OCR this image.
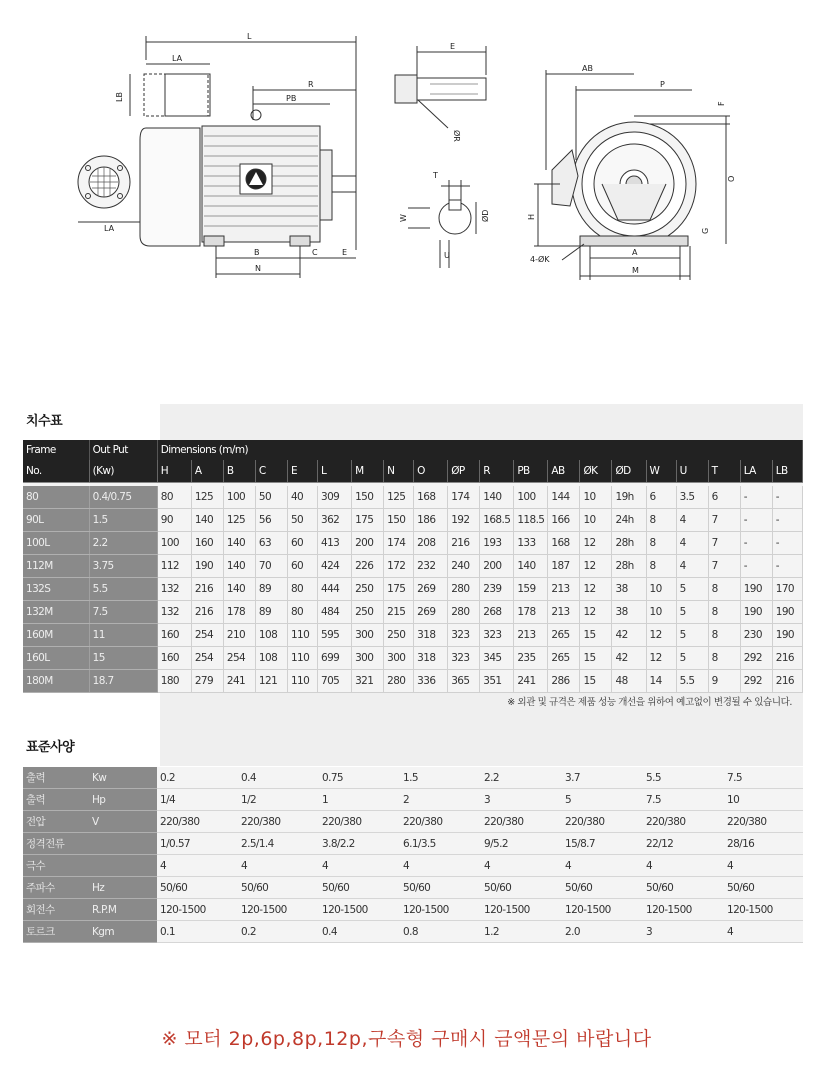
L
LA
LB
R
PB
B	C	E
N
LA
E
ØR
T
W	ØD
U
AB
P
F
O
H
G
A
M
4-ØK
치수표
Frame	Out Put	Dimensions (m/m)																			
No.	(Kw)	H	A	B	C	E	L	M	N	O	ØP	R	PB	AB	ØK	ØD	W	U	T	LA	LB

80	0.4/0.75	80	125	100	50	40	309	150	125	168	174	140	100	144	10	19h	6	3.5	6	-	-
90L	1.5	90	140	125	56	50	362	175	150	186	192	168.5	118.5	166	10	24h	8	4	7	-	-
100L	2.2	100	160	140	63	60	413	200	174	208	216	193	133	168	12	28h	8	4	7	-	-
112M	3.75	112	190	140	70	60	424	226	172	232	240	200	140	187	12	28h	8	4	7	-	-
132S	5.5	132	216	140	89	80	444	250	175	269	280	239	159	213	12	38	10	5	8	190	170
132M	7.5	132	216	178	89	80	484	250	215	269	280	268	178	213	12	38	10	5	8	190	190
160M	11	160	254	210	108	110	595	300	250	318	323	323	213	265	15	42	12	5	8	230	190
160L	15	160	254	254	108	110	699	300	300	318	323	345	235	265	15	42	12	5	8	292	216
180M	18.7	180	279	241	121	110	705	321	280	336	365	351	241	286	15	48	14	5.5	9	292	216
※ 외관 및 규격은 제품 성능 개선을 위하여 예고없이 변경될 수 있습니다.
표준사양
출력	Kw	0.2	0.4	0.75	1.5	2.2	3.7	5.5	7.5
출력	Hp	1/4	1/2	1	2	3	5	7.5	10
전압	V	220/380	220/380	220/380	220/380	220/380	220/380	220/380	220/380
정격전류		1/0.57	2.5/1.4	3.8/2.2	6.1/3.5	9/5.2	15/8.7	22/12	28/16
극수		4	4	4	4	4	4	4	4
주파수	Hz	50/60	50/60	50/60	50/60	50/60	50/60	50/60	50/60
회전수	R.P.M	120-1500	120-1500	120-1500	120-1500	120-1500	120-1500	120-1500	120-1500
토르크	Kgm	0.1	0.2	0.4	0.8	1.2	2.0	3	4
※ 모터 2p,6p,8p,12p,구속형 구매시 금액문의 바랍니다
